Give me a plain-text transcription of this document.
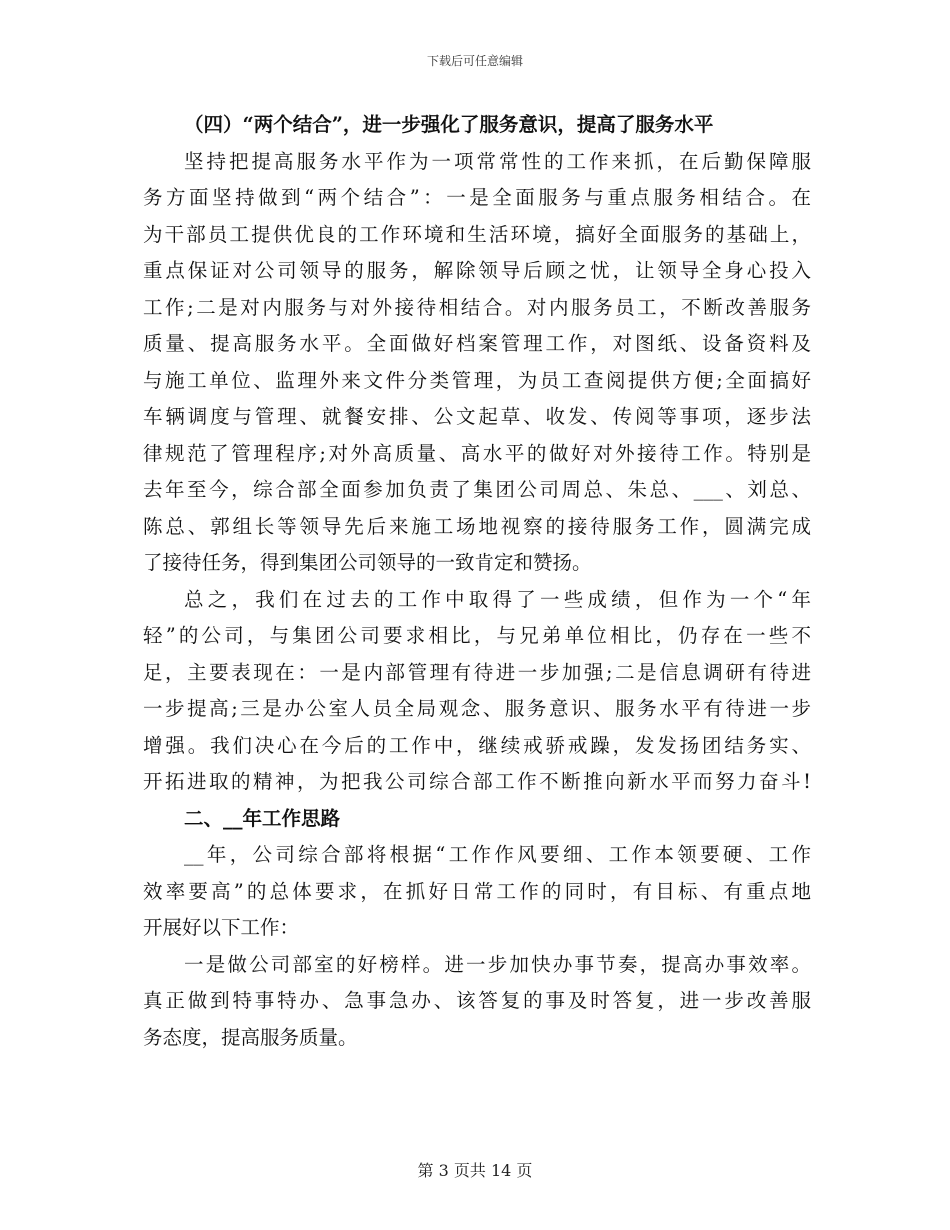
下载后可任意编辑
（四）“两个结合”，进一步强化了服务意识，提高了服务水平
坚持把提高服务水平作为一项常常性的工作来抓，在后勤保障服
务方面坚持做到“两个结合”：一是全面服务与重点服务相结合。在
为干部员工提供优良的工作环境和生活环境，搞好全面服务的基础上，
重点保证对公司领导的服务，解除领导后顾之忧，让领导全身心投入
工作;二是对内服务与对外接待相结合。对内服务员工，不断改善服务
质量、提高服务水平。全面做好档案管理工作，对图纸、设备资料及
与施工单位、监理外来文件分类管理，为员工查阅提供方便;全面搞好
车辆调度与管理、就餐安排、公文起草、收发、传阅等事项，逐步法
律规范了管理程序;对外高质量、高水平的做好对外接待工作。特别是
去年至今，综合部全面参加负责了集团公司周总、朱总、___、刘总、
陈总、郭组长等领导先后来施工场地视察的接待服务工作，圆满完成
了接待任务，得到集团公司领导的一致肯定和赞扬。
总之，我们在过去的工作中取得了一些成绩，但作为一个“年
轻”的公司，与集团公司要求相比，与兄弟单位相比，仍存在一些不
足，主要表现在：一是内部管理有待进一步加强;二是信息调研有待进
一步提高;三是办公室人员全局观念、服务意识、服务水平有待进一步
增强。我们决心在今后的工作中，继续戒骄戒躁，发发扬团结务实、
开拓进取的精神，为把我公司综合部工作不断推向新水平而努力奋斗!
二、__年工作思路
__年，公司综合部将根据“工作作风要细、工作本领要硬、工作
效率要高”的总体要求，在抓好日常工作的同时，有目标、有重点地
开展好以下工作：
一是做公司部室的好榜样。进一步加快办事节奏，提高办事效率。
真正做到特事特办、急事急办、该答复的事及时答复，进一步改善服
务态度，提高服务质量。
第 3 页共 14 页
